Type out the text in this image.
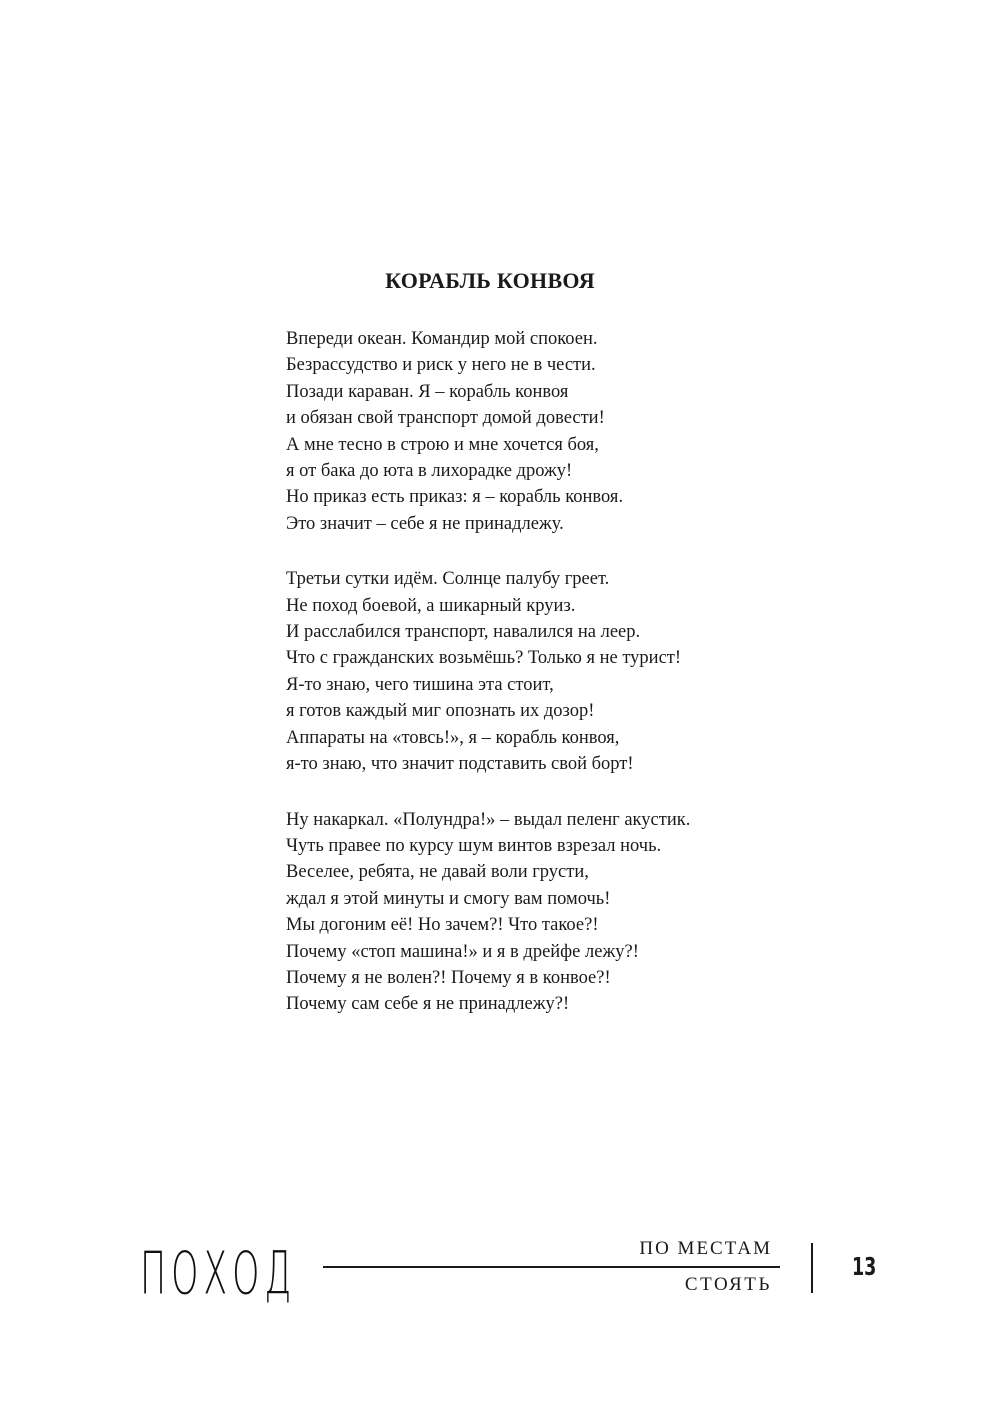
КОРАБЛЬ КОНВОЯ
Впереди океан. Командир мой спокоен.
Безрассудство и риск у него не в чести.
Позади караван. Я – корабль конвоя
и обязан свой транспорт домой довести!
А мне тесно в строю и мне хочется боя,
я от бака до юта в лихорадке дрожу!
Но приказ есть приказ: я – корабль конвоя.
Это значит – себе я не принадлежу.
Третьи сутки идём. Солнце палубу греет.
Не поход боевой, а шикарный круиз.
И расслабился транспорт, навалился на леер.
Что с гражданских возьмёшь? Только я не турист!
Я-то знаю, чего тишина эта стоит,
я готов каждый миг опознать их дозор!
Аппараты на «товсь!», я – корабль конвоя,
я-то знаю, что значит подставить свой борт!
Ну накаркал. «Полундра!» – выдал пеленг акустик.
Чуть правее по курсу шум винтов взрезал ночь.
Веселее, ребята, не давай воли грусти,
ждал я этой минуты и смогу вам помочь!
Мы догоним её! Но зачем?! Что такое?!
Почему «стоп машина!» и я в дрейфе лежу?!
Почему я не волен?! Почему я в конвое?!
Почему сам себе я не принадлежу?!
ПОХОД	ПО МЕСТАМ
СТОЯТЬ
13
